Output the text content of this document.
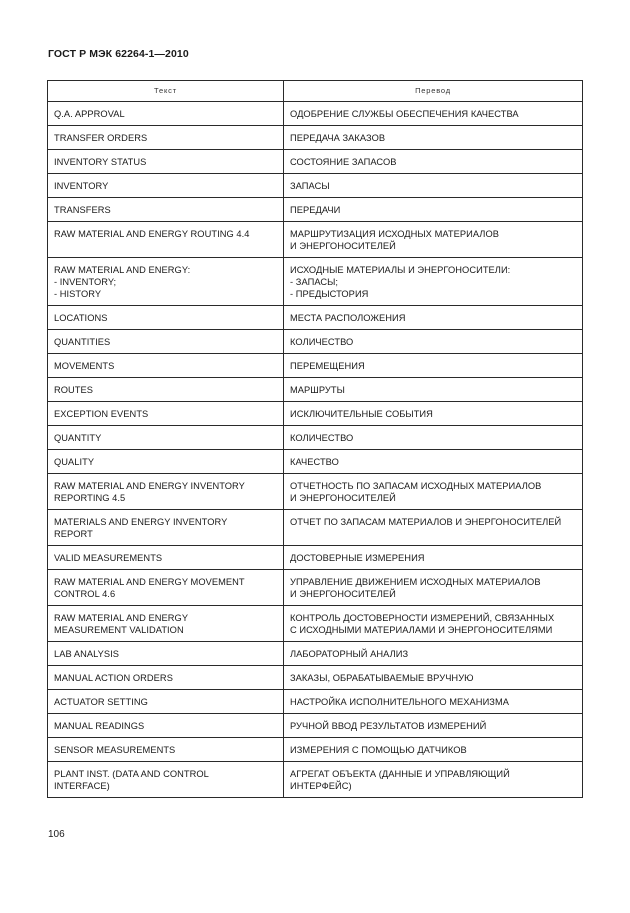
ГОСТ Р МЭК 62264-1—2010
Текст	Перевод

Q.A. APPROVAL	ОДОБРЕНИЕ СЛУЖБЫ ОБЕСПЕЧЕНИЯ КАЧЕСТВА

TRANSFER ORDERS	ПЕРЕДАЧА ЗАКАЗОВ

INVENTORY STATUS	СОСТОЯНИЕ ЗАПАСОВ

INVENTORY	ЗАПАСЫ

TRANSFERS	ПЕРЕДАЧИ

RAW MATERIAL AND ENERGY ROUTING 4.4	МАРШРУТИЗАЦИЯ ИСХОДНЫХ МАТЕРИАЛОВ
И ЭНЕРГОНОСИТЕЛЕЙ

RAW MATERIAL AND ENERGY:
- INVENTORY;
- HISTORY	ИСХОДНЫЕ МАТЕРИАЛЫ И ЭНЕРГОНОСИТЕЛИ:
- ЗАПАСЫ;
- ПРЕДЫСТОРИЯ

LOCATIONS	МЕСТА РАСПОЛОЖЕНИЯ

QUANTITIES	КОЛИЧЕСТВО

MOVEMENTS	ПЕРЕМЕЩЕНИЯ

ROUTES	МАРШРУТЫ

EXCEPTION EVENTS	ИСКЛЮЧИТЕЛЬНЫЕ СОБЫТИЯ

QUANTITY	КОЛИЧЕСТВО

QUALITY	КАЧЕСТВО

RAW MATERIAL AND ENERGY INVENTORY
REPORTING 4.5	ОТЧЕТНОСТЬ ПО ЗАПАСАМ ИСХОДНЫХ МАТЕРИАЛОВ
И ЭНЕРГОНОСИТЕЛЕЙ

MATERIALS AND ENERGY INVENTORY
REPORT	ОТЧЕТ ПО ЗАПАСАМ МАТЕРИАЛОВ И ЭНЕРГОНОСИТЕЛЕЙ

VALID MEASUREMENTS	ДОСТОВЕРНЫЕ ИЗМЕРЕНИЯ

RAW MATERIAL AND ENERGY MOVEMENT
CONTROL 4.6	УПРАВЛЕНИЕ ДВИЖЕНИЕМ ИСХОДНЫХ МАТЕРИАЛОВ
И ЭНЕРГОНОСИТЕЛЕЙ

RAW MATERIAL AND ENERGY
MEASUREMENT VALIDATION	КОНТРОЛЬ ДОСТОВЕРНОСТИ ИЗМЕРЕНИЙ, СВЯЗАННЫХ
С ИСХОДНЫМИ МАТЕРИАЛАМИ И ЭНЕРГОНОСИТЕЛЯМИ

LAB ANALYSIS	ЛАБОРАТОРНЫЙ АНАЛИЗ

MANUAL ACTION ORDERS	ЗАКАЗЫ, ОБРАБАТЫВАЕМЫЕ ВРУЧНУЮ

ACTUATOR SETTING	НАСТРОЙКА ИСПОЛНИТЕЛЬНОГО МЕХАНИЗМА

MANUAL READINGS	РУЧНОЙ ВВОД РЕЗУЛЬТАТОВ ИЗМЕРЕНИЙ

SENSOR MEASUREMENTS	ИЗМЕРЕНИЯ С ПОМОЩЬЮ ДАТЧИКОВ

PLANT INST. (DATA AND CONTROL
INTERFACE)	АГРЕГАТ ОБЪЕКТА (ДАННЫЕ И УПРАВЛЯЮЩИЙ
ИНТЕРФЕЙС)
106
